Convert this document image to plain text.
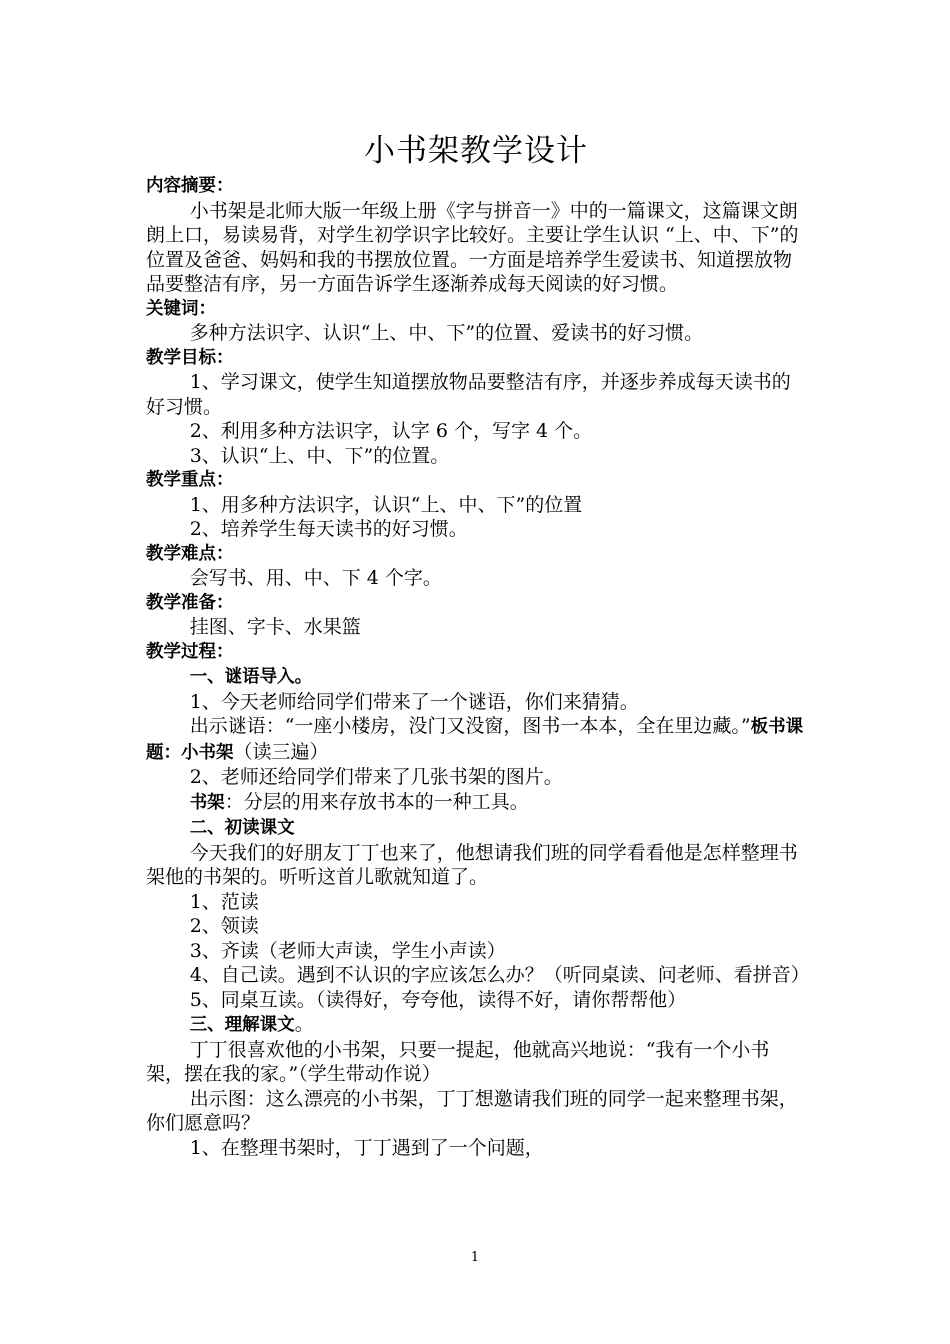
小书架教学设计
内容摘要：

小书架是北师大版一年级上册《字与拼音一》中的一篇课文，这篇课文朗朗上口，易读易背，对学生初学识字比较好。主要让学生认识 “上、中、下”的位置及爸爸、妈妈和我的书摆放位置。一方面是培养学生爱读书、知道摆放物品要整洁有序，另一方面告诉学生逐渐养成每天阅读的好习惯。

关键词：

多种方法识字、认识“上、中、下”的位置、爱读书的好习惯。

教学目标：

1、学习课文，使学生知道摆放物品要整洁有序，并逐步养成每天读书的好习惯。

2、利用多种方法识字，认字 6 个，写字 4 个。

3、认识“上、中、下”的位置。

教学重点：

1、用多种方法识字，认识“上、中、下”的位置

2、培养学生每天读书的好习惯。

教学难点：

会写书、用、中、下 4 个字。

教学准备：

挂图、字卡、水果篮

教学过程：

一、谜语导入。

1、今天老师给同学们带来了一个谜语，你们来猜猜。

出示谜语：“一座小楼房，没门又没窗，图书一本本，全在里边藏。”板书课题：小书架（读三遍）

2、老师还给同学们带来了几张书架的图片。

书架：分层的用来存放书本的一种工具。

二、初读课文

今天我们的好朋友丁丁也来了，他想请我们班的同学看看他是怎样整理书架他的书架的。听听这首儿歌就知道了。

1、范读

2、领读

3、齐读（老师大声读，学生小声读）

4、自己读。遇到不认识的字应该怎么办？（听同桌读、问老师、看拼音）

5、同桌互读。（读得好，夸夸他，读得不好，请你帮帮他）

三、理解课文。

丁丁很喜欢他的小书架，只要一提起，他就高兴地说：“我有一个小书架，摆在我的家。”（学生带动作说）

出示图：这么漂亮的小书架，丁丁想邀请我们班的同学一起来整理书架，你们愿意吗？

1、在整理书架时，丁丁遇到了一个问题，

1
